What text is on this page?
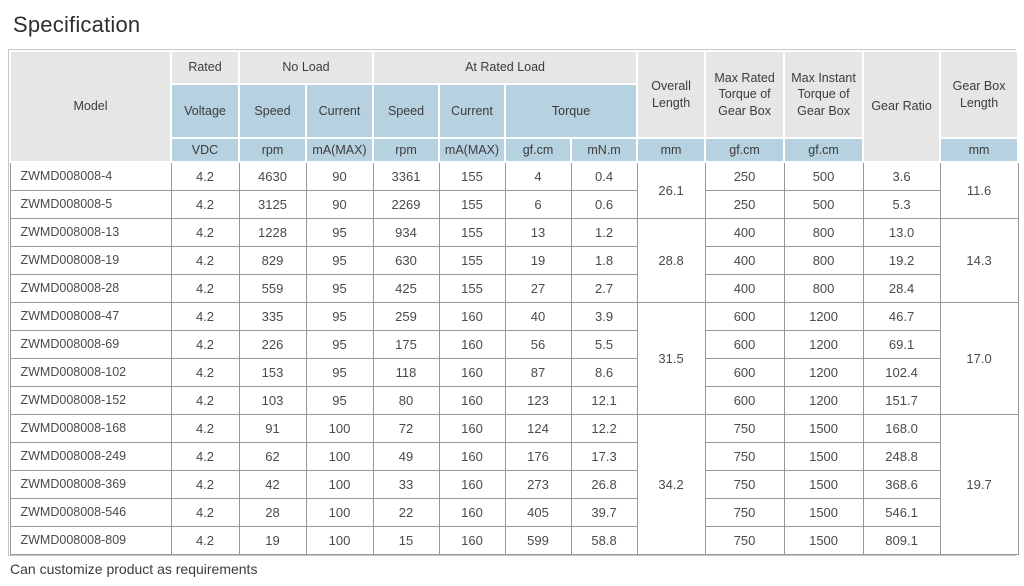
Specification
Model	Rated	No Load		At Rated Load				Overall Length	Max Rated Torque of Gear Box	Max Instant Torque of Gear Box	Gear Ratio	Gear Box Length
	Voltage	Speed	Current	Speed	Current	Torque						
	VDC	rpm	mA(MAX)	rpm	mA(MAX)	gf.cm	mN.m	mm	gf.cm	gf.cm		mm
ZWMD008008-4	4.2	4630	90	3361	155	4	0.4	26.1	250	500	3.6	11.6
ZWMD008008-5	4.2	3125	90	2269	155	6	0.6		250	500	5.3	
ZWMD008008-13	4.2	1228	95	934	155	13	1.2	28.8	400	800	13.0	14.3
ZWMD008008-19	4.2	829	95	630	155	19	1.8		400	800	19.2	
ZWMD008008-28	4.2	559	95	425	155	27	2.7		400	800	28.4	
ZWMD008008-47	4.2	335	95	259	160	40	3.9	31.5	600	1200	46.7	17.0
ZWMD008008-69	4.2	226	95	175	160	56	5.5		600	1200	69.1	
ZWMD008008-102	4.2	153	95	118	160	87	8.6		600	1200	102.4	
ZWMD008008-152	4.2	103	95	80	160	123	12.1		600	1200	151.7	
ZWMD008008-168	4.2	91	100	72	160	124	12.2	34.2	750	1500	168.0	19.7
ZWMD008008-249	4.2	62	100	49	160	176	17.3		750	1500	248.8	
ZWMD008008-369	4.2	42	100	33	160	273	26.8		750	1500	368.6	
ZWMD008008-546	4.2	28	100	22	160	405	39.7		750	1500	546.1	
ZWMD008008-809	4.2	19	100	15	160	599	58.8		750	1500	809.1	

Can customize product as requirements
